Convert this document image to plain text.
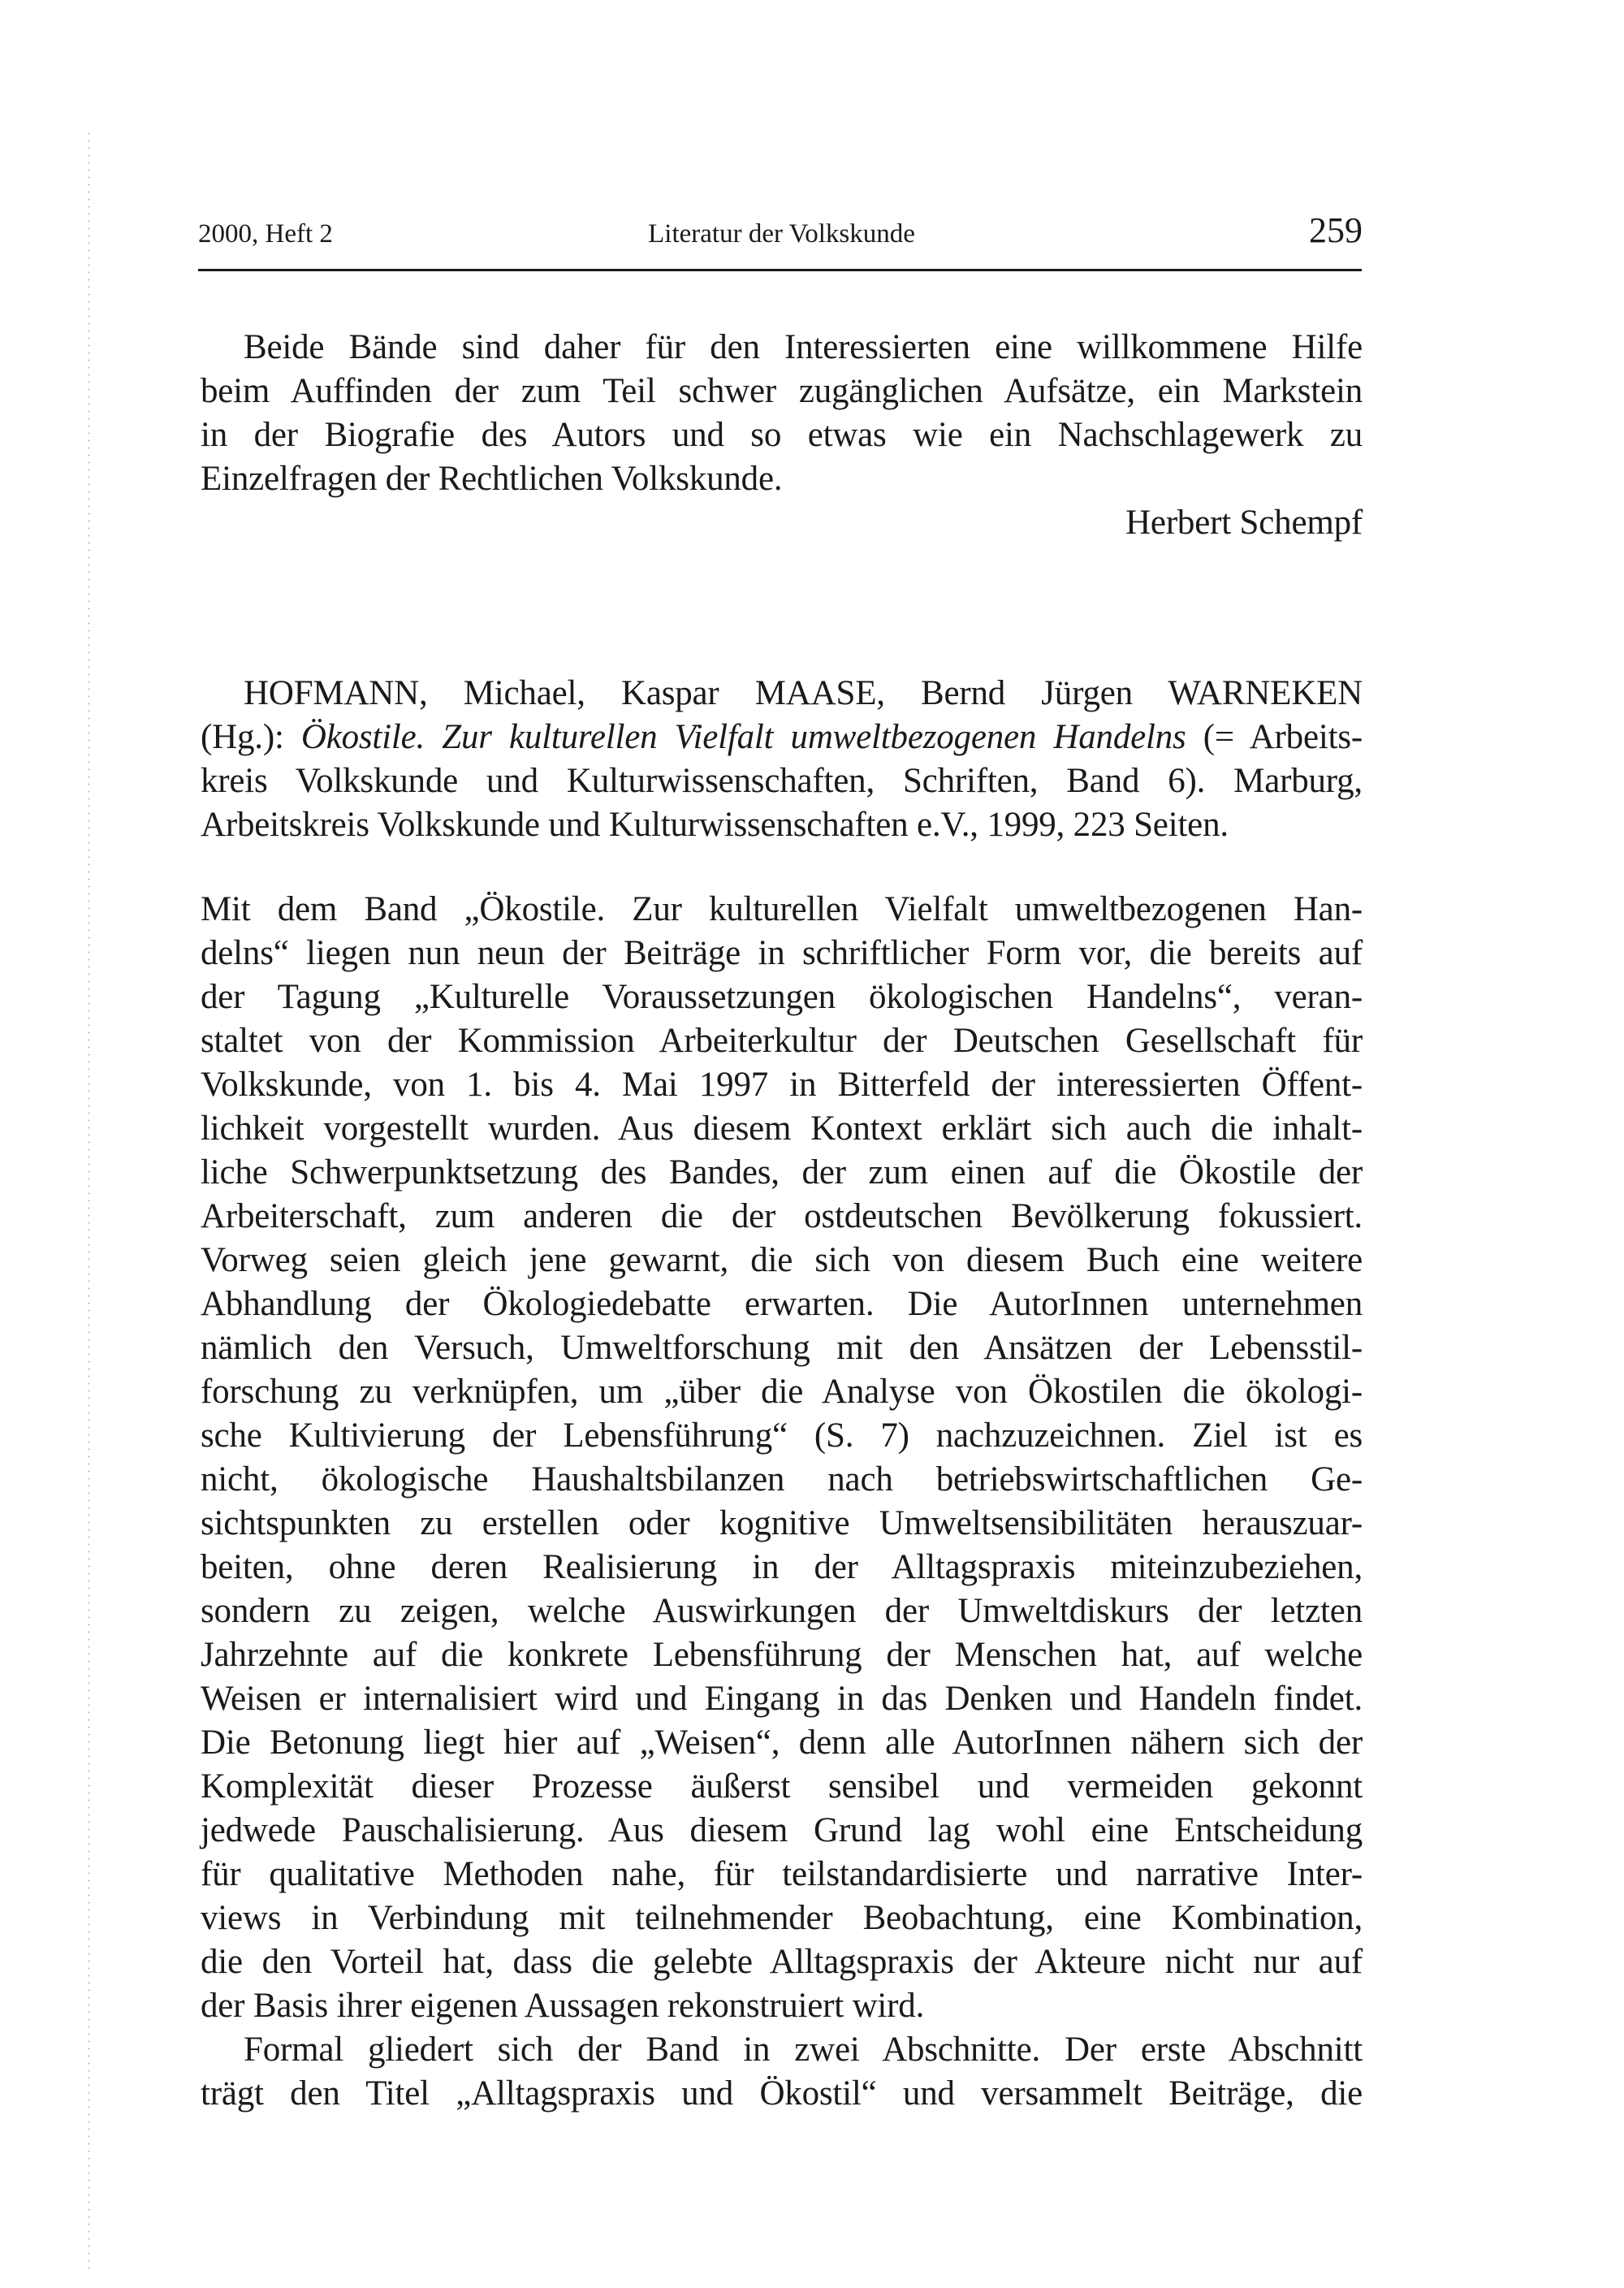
2000, Heft 2	Literatur der Volkskunde	259
Beide Bände sind daher für den Interessierten eine willkommene Hilfe
beim Auffinden der zum Teil schwer zugänglichen Aufsätze, ein Markstein
in der Biografie des Autors und so etwas wie ein Nachschlagewerk zu
Einzelfragen der Rechtlichen Volkskunde.
Herbert Schempf
HOFMANN, Michael, Kaspar MAASE, Bernd Jürgen WARNEKEN
(Hg.): Ökostile. Zur kulturellen Vielfalt umweltbezogenen Handelns (= Arbeits-
kreis Volkskunde und Kulturwissenschaften, Schriften, Band 6). Marburg,
Arbeitskreis Volkskunde und Kulturwissenschaften e.V., 1999, 223 Seiten.
Mit dem Band „Ökostile. Zur kulturellen Vielfalt umweltbezogenen Han-
delns“ liegen nun neun der Beiträge in schriftlicher Form vor, die bereits auf
der Tagung „Kulturelle Voraussetzungen ökologischen Handelns“, veran-
staltet von der Kommission Arbeiterkultur der Deutschen Gesellschaft für
Volkskunde, von 1. bis 4. Mai 1997 in Bitterfeld der interessierten Öffent-
lichkeit vorgestellt wurden. Aus diesem Kontext erklärt sich auch die inhalt-
liche Schwerpunktsetzung des Bandes, der zum einen auf die Ökostile der
Arbeiterschaft, zum anderen die der ostdeutschen Bevölkerung fokussiert.
Vorweg seien gleich jene gewarnt, die sich von diesem Buch eine weitere
Abhandlung der Ökologiedebatte erwarten. Die AutorInnen unternehmen
nämlich den Versuch, Umweltforschung mit den Ansätzen der Lebensstil-
forschung zu verknüpfen, um „über die Analyse von Ökostilen die ökologi-
sche Kultivierung der Lebensführung“ (S. 7) nachzuzeichnen. Ziel ist es
nicht, ökologische Haushaltsbilanzen nach betriebswirtschaftlichen Ge-
sichtspunkten zu erstellen oder kognitive Umweltsensibilitäten herauszuar-
beiten, ohne deren Realisierung in der Alltagspraxis miteinzubeziehen,
sondern zu zeigen, welche Auswirkungen der Umweltdiskurs der letzten
Jahrzehnte auf die konkrete Lebensführung der Menschen hat, auf welche
Weisen er internalisiert wird und Eingang in das Denken und Handeln findet.
Die Betonung liegt hier auf „Weisen“, denn alle AutorInnen nähern sich der
Komplexität dieser Prozesse äußerst sensibel und vermeiden gekonnt
jedwede Pauschalisierung. Aus diesem Grund lag wohl eine Entscheidung
für qualitative Methoden nahe, für teilstandardisierte und narrative Inter-
views in Verbindung mit teilnehmender Beobachtung, eine Kombination,
die den Vorteil hat, dass die gelebte Alltagspraxis der Akteure nicht nur auf
der Basis ihrer eigenen Aussagen rekonstruiert wird.
Formal gliedert sich der Band in zwei Abschnitte. Der erste Abschnitt
trägt den Titel „Alltagspraxis und Ökostil“ und versammelt Beiträge, die
